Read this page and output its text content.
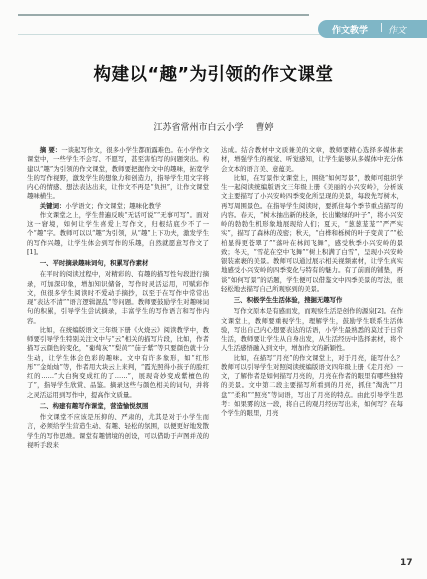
作文教学 | 作文
构建以“趣”为引领的作文课堂
江苏省常州市白云小学 曹婷

摘 要：一谈起写作文，很多小学生都面露难色。在小学作文课堂中，一些学生不会写、不愿写，甚至害怕写的问题突出。构建以“趣”为引领的作文课堂，教师要把握作文中的趣味，拓宽学生的写作视野，激发学生的想象力和创造力，指导学生用文字将内心的情感、想法表达出来，让作文不再是“负担”，让作文课堂趣味横生。

关键词：小学语文；作文课堂；趣味化教学

作文课堂之上，学生普遍反映“无话可说”“无事可写”。面对这一窘境，如何让学生喜爱上写作文，归根结底少不了一个“趣”字。教师可以以“趣”为引领，从“趣”上下功夫，激发学生的写作兴趣，让学生体会到写作的乐趣，自然就愿意写作文了[1]。

一、平时摘录趣味词句，积累写作素材

在平时的阅读过程中，对精彩的、有趣的描写性句段进行摘录，可加深印象，增加知识储备，写作时灵活运用，可赋彩作文，但很多学生阅读时不爱动手摘抄，以至于在写作中常常出现“表达不清”“语言逻辑混乱”等问题。教师要鼓励学生对趣味词句的积累，引导学生尝试摘录，丰富学生的写作语言和写作内容。

比如，在统编版语文三年级下册《火烧云》阅读教学中，教师要引导学生特别关注文中与“云”相关的描写片段，比如，作者描写云颜色的变化，“葡萄灰”“梨黄”“茄子紫”等只要颜色就十分生动，让学生体会色彩的趣味。文中有许多象形，如“红彤彤”“金灿灿”等，作者用大块云上来判，“霞光照得小孩子的脸红红的……”大白狗变成红的了……”，展现奇妙变成紫檀色的了”，指导学生欣赏、品鉴。摘录这些与颜色相关的词句，并将之灵活运用到写作中，提高作文质量。

二、构建有趣写作课堂，营造愉悦氛围

作文课堂不应该是压抑的、严肃的，尤其是对于小学生而言，必须给学生营造生动、有趣、轻松的氛围，以便更好地发散学生的写作思维。课堂有趣情境的创设，可以借助于声图并茂的视听手段来

达成。结合教材中文质兼美的文章，教师要精心选择多媒体素材，增强学生的视觉、听觉感知，让学生能够从多媒体中充分体会文本的语言美、意蕴美。

比如，在写景作文课堂上，围绕“如何写景”，教师可组织学生一起阅读统编版语文三年级上册《美丽的小兴安岭》，分析该文主要描写了小兴安岭四季变化所呈现的美景，每段先写树木，再写周围景色。在指导学生阅读时，要抓住每个季节重点描写的内容。春天，“树木抽出新的枝条，长出嫩绿的叶子”，将小兴安岭的勃勃生机形象地展现给人们；夏天，“葱葱茏茏”“严严实实”，描写了森林的茂密；秋天，“白桦和栎树的叶子变黄了”“松柏显得更苍翠了”“落叶在林间飞舞”，感受秋季小兴安岭的景致；冬天，“雪花在空中飞舞”“树上积满了白雪”，呈现小兴安岭银装素裹的美景。教师可以通过展示相关视频素材，让学生真实地感受小兴安岭的四季变化与特有的魅力。有了前面的铺垫，再谈“如何写景”的话题，学生便可以借鉴文中四季美景的写法，很轻松地去描写自己所观察到的美景。

三、积极学生生活体验，搜掘无趣写作

写作文原本是有感而发，而观察生活是创作的源泉[2]。在作文课堂上，教师要重视学生，理解学生，鼓励学生联系生活体验，写出自己内心想要表达的话语，小学生最熟悉的莫过于日常生活，教师要让学生从自身出发，从生活经历中选择素材，将个人生活感悟融入到文中，增加作文的新颖性。

比如，在描写“月亮”的作文课堂上，对于月亮，能写什么？教师可以引导学生对照阅读统编版语文四年级上册《走月亮》一文，了解作者是如何描写月亮的，月亮在作者的眼里有哪些独特的美景。文中第二段主要描写所看到的月亮，抓住“淘洗”“月盘”“柔和”“照亮”等词语，写出了月亮的特点。由此引导学生思考：如果雾的这一段，将自己的观月经历写出来，如何写？在每个学生的眼里，月亮

17
